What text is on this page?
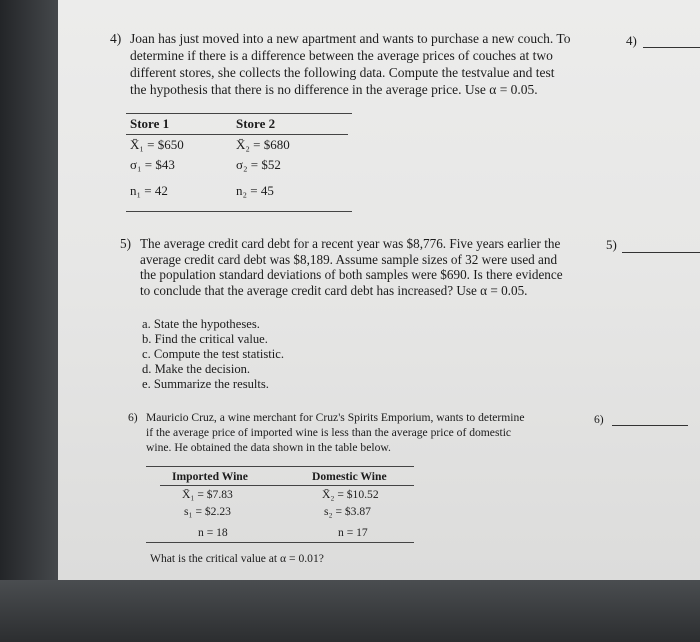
4) Joan has just moved into a new apartment and wants to purchase a new couch. To
determine if there is a difference between the average prices of couches at two
different stores, she collects the following data. Compute the testvalue and test
the hypothesis that there is no difference in the average price. Use α = 0.05.
4)
Store 1	Store 2
X̄₁ = $650	X̄₂ = $680
σ₁ = $43	σ₂ = $52
n₁ = 42	n₂ = 45
5) The average credit card debt for a recent year was $8,776. Five years earlier the
average credit card debt was $8,189. Assume sample sizes of 32 were used and
the population standard deviations of both samples were $690. Is there evidence
to conclude that the average credit card debt has increased? Use α = 0.05.
5)
a. State the hypotheses.
b. Find the critical value.
c. Compute the test statistic.
d. Make the decision.
e. Summarize the results.
6) Mauricio Cruz, a wine merchant for Cruz's Spirits Emporium, wants to determine
if the average price of imported wine is less than the average price of domestic
wine. He obtained the data shown in the table below.
6)
Imported Wine	Domestic Wine
X̄₁ = $7.83	X̄₂ = $10.52
s₁ = $2.23	s₂ = $3.87
n = 18	n = 17
What is the critical value at α = 0.01?
